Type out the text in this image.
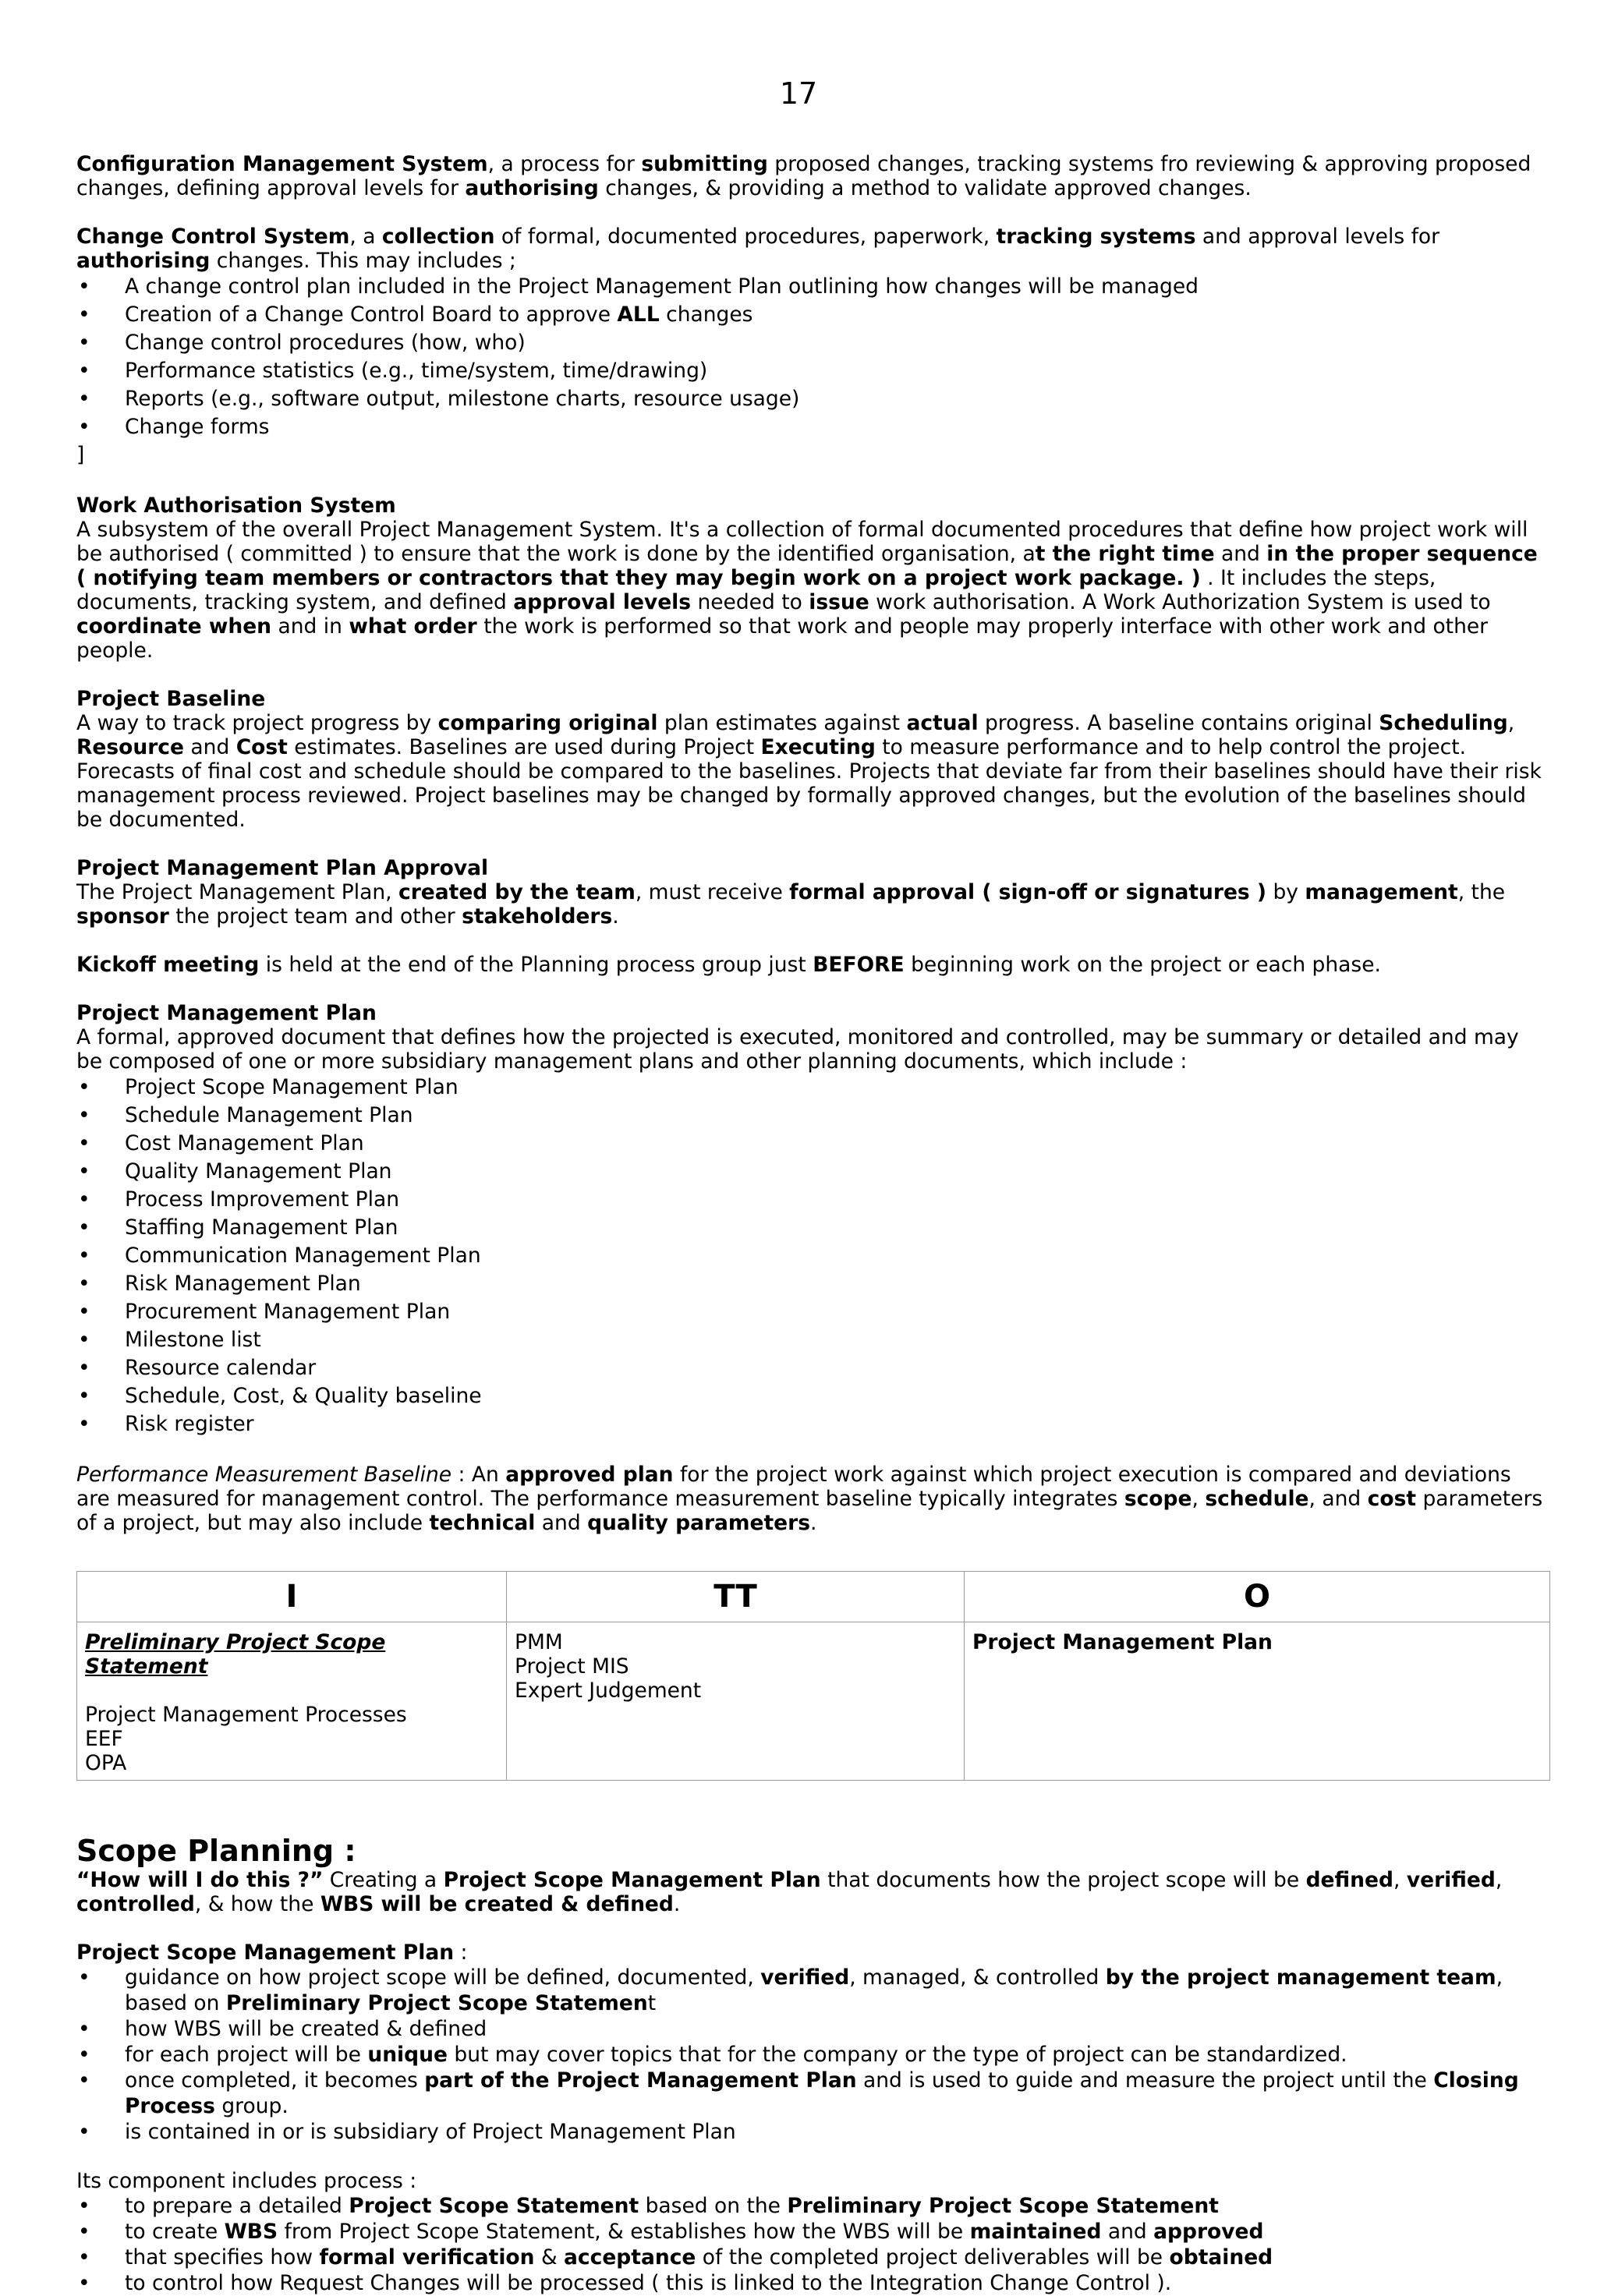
17

Configuration Management System, a process for submitting proposed changes, tracking systems fro reviewing & approving proposed changes, defining approval levels for authorising changes, & providing a method to validate approved changes.

Change Control System, a collection of formal, documented procedures, paperwork, tracking systems and approval levels for authorising changes. This may includes ;

• A change control plan included in the Project Management Plan outlining how changes will be managed
• Creation of a Change Control Board to approve ALL changes
• Change control procedures (how, who)
• Performance statistics (e.g., time/system, time/drawing)
• Reports (e.g., software output, milestone charts, resource usage)
• Change forms
]

Work Authorisation System

A subsystem of the overall Project Management System. It's a collection of formal documented procedures that define how project work will be authorised ( committed ) to ensure that the work is done by the identified organisation, at the right time and in the proper sequence ( notifying team members or contractors that they may begin work on a project work package. ) . It includes the steps, documents, tracking system, and defined approval levels needed to issue work authorisation. A Work Authorization System is used to coordinate when and in what order the work is performed so that work and people may properly interface with other work and other people.

Project Baseline

A way to track project progress by comparing original plan estimates against actual progress. A baseline contains original Scheduling, Resource and Cost estimates. Baselines are used during Project Executing to measure performance and to help control the project. Forecasts of final cost and schedule should be compared to the baselines. Projects that deviate far from their baselines should have their risk management process reviewed. Project baselines may be changed by formally approved changes, but the evolution of the baselines should be documented.

Project Management Plan Approval

The Project Management Plan, created by the team, must receive formal approval ( sign-off or signatures ) by management, the sponsor the project team and other stakeholders.

Kickoff meeting is held at the end of the Planning process group just BEFORE beginning work on the project or each phase.

Project Management Plan

A formal, approved document that defines how the projected is executed, monitored and controlled, may be summary or detailed and may be composed of one or more subsidiary management plans and other planning documents, which include :

• Project Scope Management Plan
• Schedule Management Plan
• Cost Management Plan
• Quality Management Plan
• Process Improvement Plan
• Staffing Management Plan
• Communication Management Plan
• Risk Management Plan
• Procurement Management Plan
• Milestone list
• Resource calendar
• Schedule, Cost, & Quality baseline
• Risk register

Performance Measurement Baseline : An approved plan for the project work against which project execution is compared and deviations are measured for management control. The performance measurement baseline typically integrates scope, schedule, and cost parameters of a project, but may also include technical and quality parameters.

I	TT	O

Preliminary Project Scope Statement
Project Management Processes
EEF
OPA	PMM
Project MIS
Expert Judgement	Project Management Plan
Scope Planning :

“How will I do this ?” Creating a Project Scope Management Plan that documents how the project scope will be defined, verified, controlled, & how the WBS will be created & defined.

Project Scope Management Plan :

• guidance on how project scope will be defined, documented, verified, managed, & controlled by the project management team, based on Preliminary Project Scope Statement
• how WBS will be created & defined
• for each project will be unique but may cover topics that for the company or the type of project can be standardized.
• once completed, it becomes part of the Project Management Plan and is used to guide and measure the project until the Closing Process group.
• is contained in or is subsidiary of Project Management Plan

Its component includes process :

• to prepare a detailed Project Scope Statement based on the Preliminary Project Scope Statement
• to create WBS from Project Scope Statement, & establishes how the WBS will be maintained and approved
• that specifies how formal verification & acceptance of the completed project deliverables will be obtained
• to control how Request Changes will be processed ( this is linked to the Integration Change Control ).
